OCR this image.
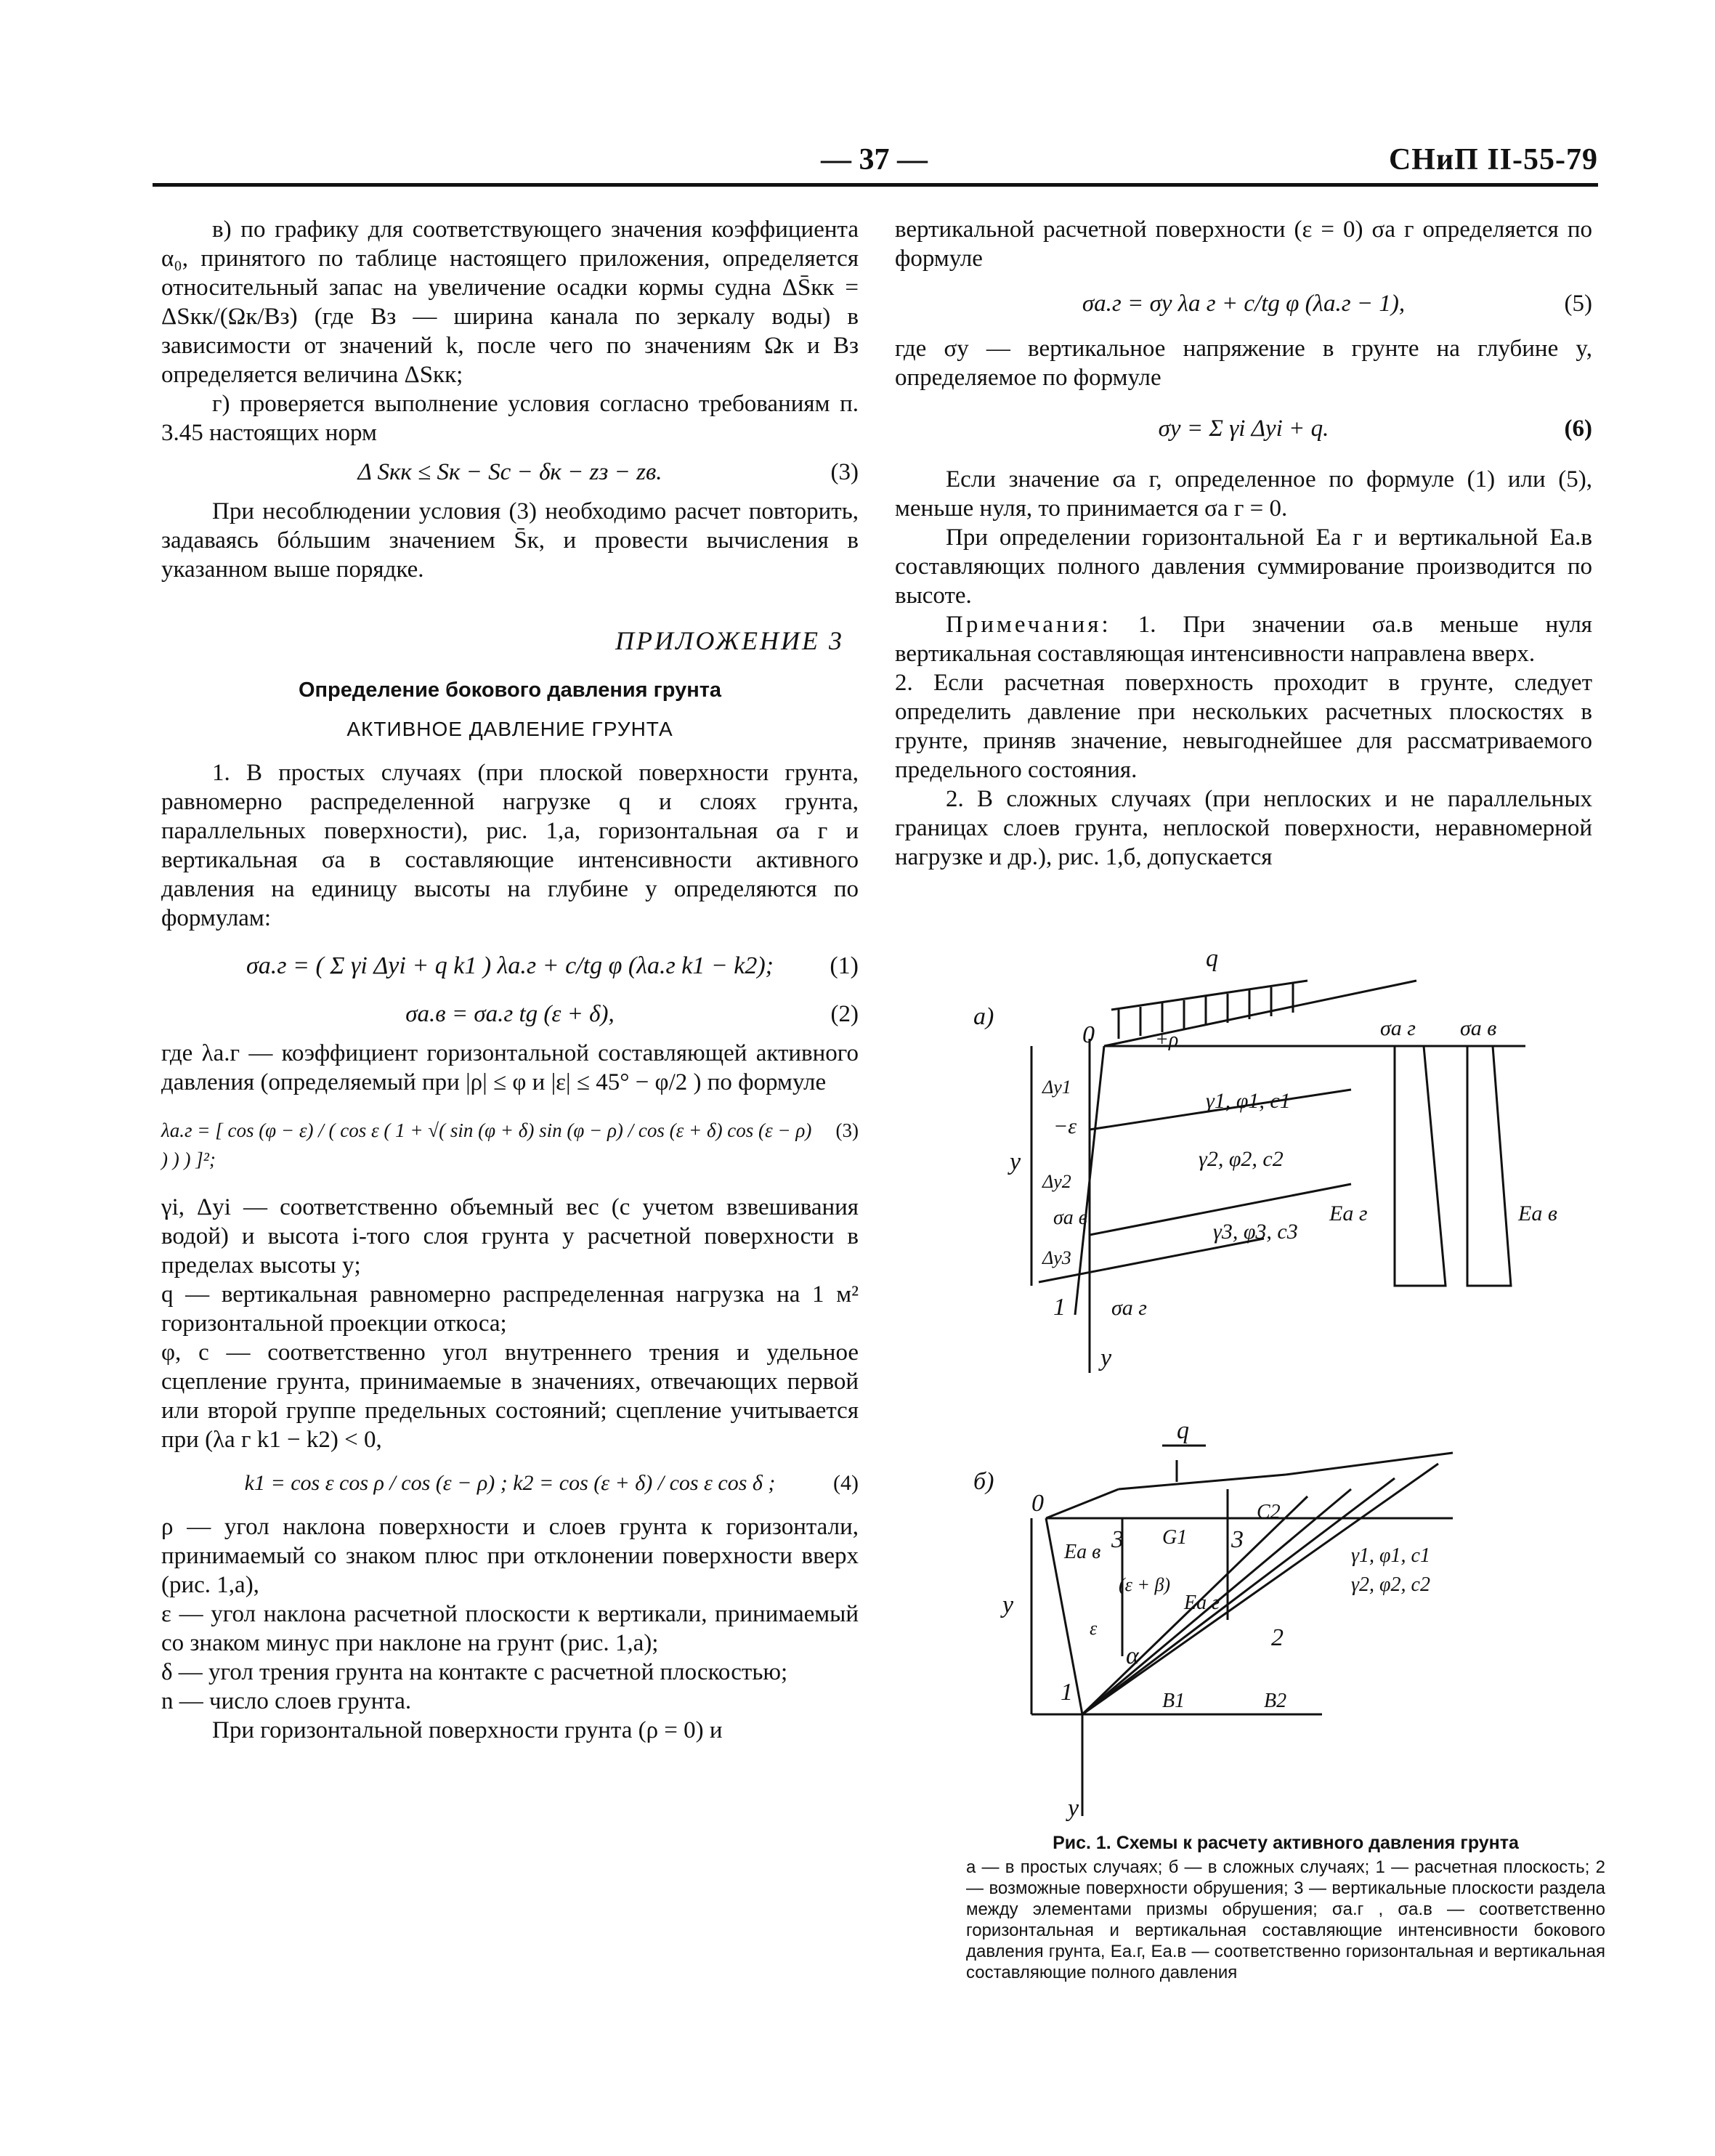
— 37 —	СНиП II-55-79

в) по графику для соответствующего значения коэффициента α₀, принятого по таблице настоящего приложения, определяется относительный запас на увеличение осадки кормы судна ΔS̄кк = ΔSкк/(Ωк/Bз) (где Bз — ширина канала по зеркалу воды) в зависимости от значений k, после чего по значениям Ωк и Bз определяется величина ΔSкк;

г) проверяется выполнение условия согласно требованиям п. 3.45 настоящих норм

Δ Sкк ≤ Sк − Sс − δк − zз − zв.	(3)

При несоблюдении условия (3) необходимо расчет повторить, задаваясь бóльшим значением S̄к, и провести вычисления в указанном выше порядке.

ПРИЛОЖЕНИЕ 3
Определение бокового давления грунта
АКТИВНОЕ ДАВЛЕНИЕ ГРУНТА

1. В простых случаях (при плоской поверхности грунта, равномерно распределенной нагрузке q и слоях грунта, параллельных поверхности), рис. 1,а, горизонтальная σа г и вертикальная σа в составляющие интенсивности активного давления на единицу высоты на глубине y определяются по формулам:

σа.г = ( Σ γi Δyi + q k1 ) λа.г + c/tg φ (λа.г k1 − k2); (1)
σа.в = σа.г tg (ε + δ),	(2)

где λа.г — коэффициент горизонтальной составляющей активного давления (определяемый при |ρ| ≤ φ и |ε| ≤ 45° − φ/2 ) по формуле

λа.г = [ cos (φ − ε) / ( cos ε ( 1 + √( sin (φ + δ) sin (φ − ρ) / cos (ε + δ) cos (ε − ρ) ) ) ) ]²;
(3)

γi, Δyi — соответственно объемный вес (с учетом взвешивания водой) и высота i-того слоя грунта у расчетной поверхности в пределах высоты y;

q — вертикальная равномерно распределенная нагрузка на 1 м² горизонтальной проекции откоса;

φ, c — соответственно угол внутреннего трения и удельное сцепление грунта, принимаемые в значениях, отвечающих первой или второй группе предельных состояний; сцепление учитывается при (λа г k1 − k2) < 0,

k1 = cos ε cos ρ / cos (ε − ρ) ; k2 = cos (ε + δ) / cos ε cos δ ;	(4)

ρ — угол наклона поверхности и слоев грунта к горизонтали, принимаемый со знаком плюс при отклонении поверхности вверх (рис. 1,а),

ε — угол наклона расчетной плоскости к вертикали, принимаемый со знаком минус при наклоне на грунт (рис. 1,а);

δ — угол трения грунта на контакте с расчетной плоскостью;

n — число слоев грунта.

При горизонтальной поверхности грунта (ρ = 0) и

вертикальной расчетной поверхности (ε = 0) σа г определяется по формуле

σа.г = σy λа г + c/tg φ (λа.г − 1),	(5)

где σy — вертикальное напряжение в грунте на глубине y, определяемое по формуле

σy = Σ γi Δyi + q.	(6)

Если значение σа г, определенное по формуле (1) или (5), меньше нуля, то принимается σа г = 0.

При определении горизонтальной Eа г и вертикальной Eа.в составляющих полного давления суммирование производится по высоте.

Примечания: 1. При значении σа.в меньше нуля вертикальная составляющая интенсивности направлена вверх.

2. Если расчетная поверхность проходит в грунте, следует определить давление при нескольких расчетных плоскостях в грунте, приняв значение, невыгоднейшее для рассматриваемого предельного состояния.

2. В сложных случаях (при неплоских и не параллельных границах слоев грунта, неплоской поверхности, неравномерной нагрузке и др.), рис. 1,б, допускается

а)
q
0	+ρ	σа г σа в
−ε
γ1, φ1, c1
γ2, φ2, c2
γ3, φ3, c3
Δy1
Δy2
Δy3
y
σа в	Eа г	Eа в
1 σа г
y
б)
q
0	C2
Eа в 3 G1 3
γ1, φ1, c1
γ2, φ2, c2
(ε + β)
Eа г
ε
y
2
α
1	B1	B2
y
Рис. 1. Схемы к расчету активного давления грунта
а — в простых случаях; б — в сложных случаях; 1 — расчетная плоскость; 2 — возможные поверхности обрушения; 3 — вертикальные плоскости раздела между элементами призмы обрушения; σа.г , σа.в — соответственно горизонтальная и вертикальная составляющие интенсивности бокового давления грунта, Eа.г, Eа.в — соответственно горизонтальная и вертикальная составляющие полного давления
